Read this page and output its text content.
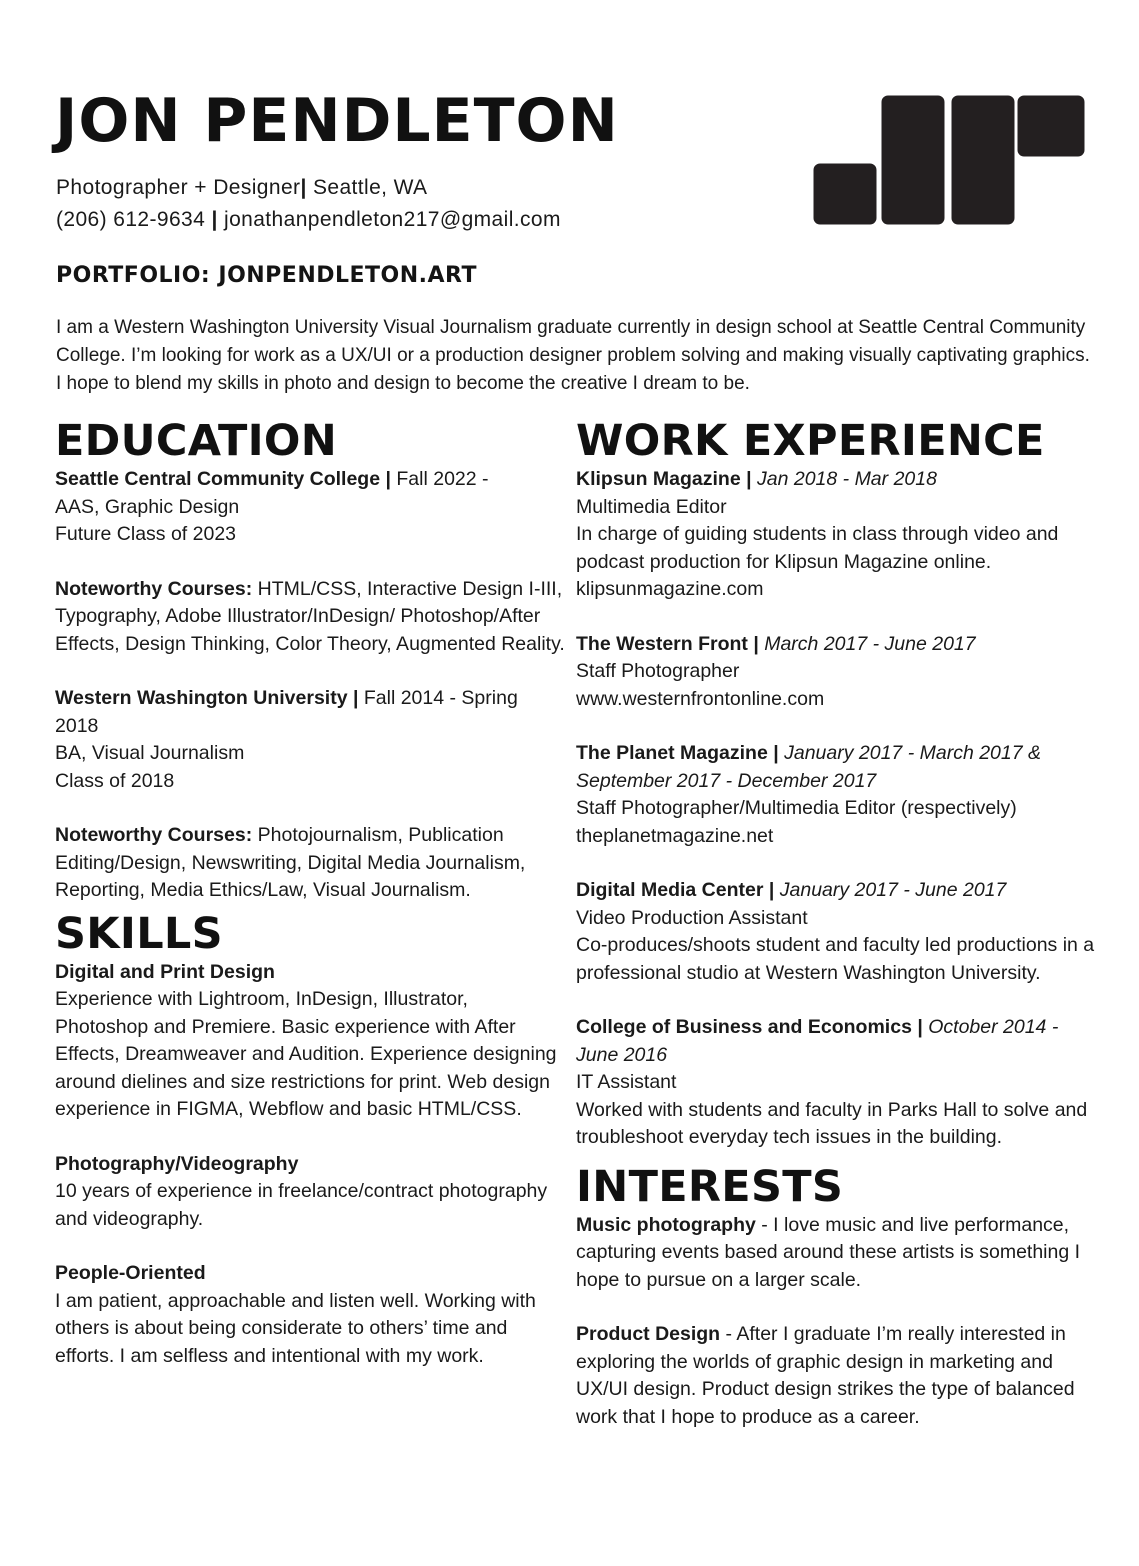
JON PENDLETON
Photographer + Designer| Seattle, WA
(206) 612-9634 | jonathanpendleton217@gmail.com
PORTFOLIO: JONPENDLETON.ART

I am a Western Washington University Visual Journalism graduate currently in design school at Seattle Central Community College. I’m looking for work as a UX/UI or a production designer problem solving and making visually captivating graphics. I hope to blend my skills in photo and design to become the creative I dream to be.

EDUCATION
Seattle Central Community College | Fall 2022 -
AAS, Graphic Design
Future Class of 2023
Noteworthy Courses: HTML/CSS, Interactive Design I-III, Typography, Adobe Illustrator/InDesign/ Photoshop/After Effects, Design Thinking, Color Theory, Augmented Reality.
Western Washington University | Fall 2014 - Spring 2018
BA, Visual Journalism
Class of 2018
Noteworthy Courses: Photojournalism, Publication Editing/Design, Newswriting, Digital Media Journalism, Reporting, Media Ethics/Law, Visual Journalism.
SKILLS
Digital and Print Design
Experience with Lightroom, InDesign, Illustrator, Photoshop and Premiere. Basic experience with After Effects, Dreamweaver and Audition. Experience designing around dielines and size restrictions for print. Web design experience in FIGMA, Webflow and basic HTML/CSS.
Photography/Videography
10 years of experience in freelance/contract photography and videography.
People-Oriented
I am patient, approachable and listen well. Working with others is about being considerate to others’ time and efforts. I am selfless and intentional with my work.
WORK EXPERIENCE
Klipsun Magazine | Jan 2018 - Mar 2018
Multimedia Editor
In charge of guiding students in class through video and podcast production for Klipsun Magazine online.
klipsunmagazine.com
The Western Front | March 2017 - June 2017
Staff Photographer
www.westernfrontonline.com
The Planet Magazine | January 2017 - March 2017 & September 2017 - December 2017
Staff Photographer/Multimedia Editor (respectively)
theplanetmagazine.net
Digital Media Center | January 2017 - June 2017
Video Production Assistant
Co-produces/shoots student and faculty led productions in a professional studio at Western Washington University.
College of Business and Economics | October 2014 - June 2016
IT Assistant
Worked with students and faculty in Parks Hall to solve and troubleshoot everyday tech issues in the building.
INTERESTS
Music photography - I love music and live performance, capturing events based around these artists is something I hope to pursue on a larger scale.
Product Design - After I graduate I’m really interested in exploring the worlds of graphic design in marketing and UX/UI design. Product design strikes the type of balanced work that I hope to produce as a career.
